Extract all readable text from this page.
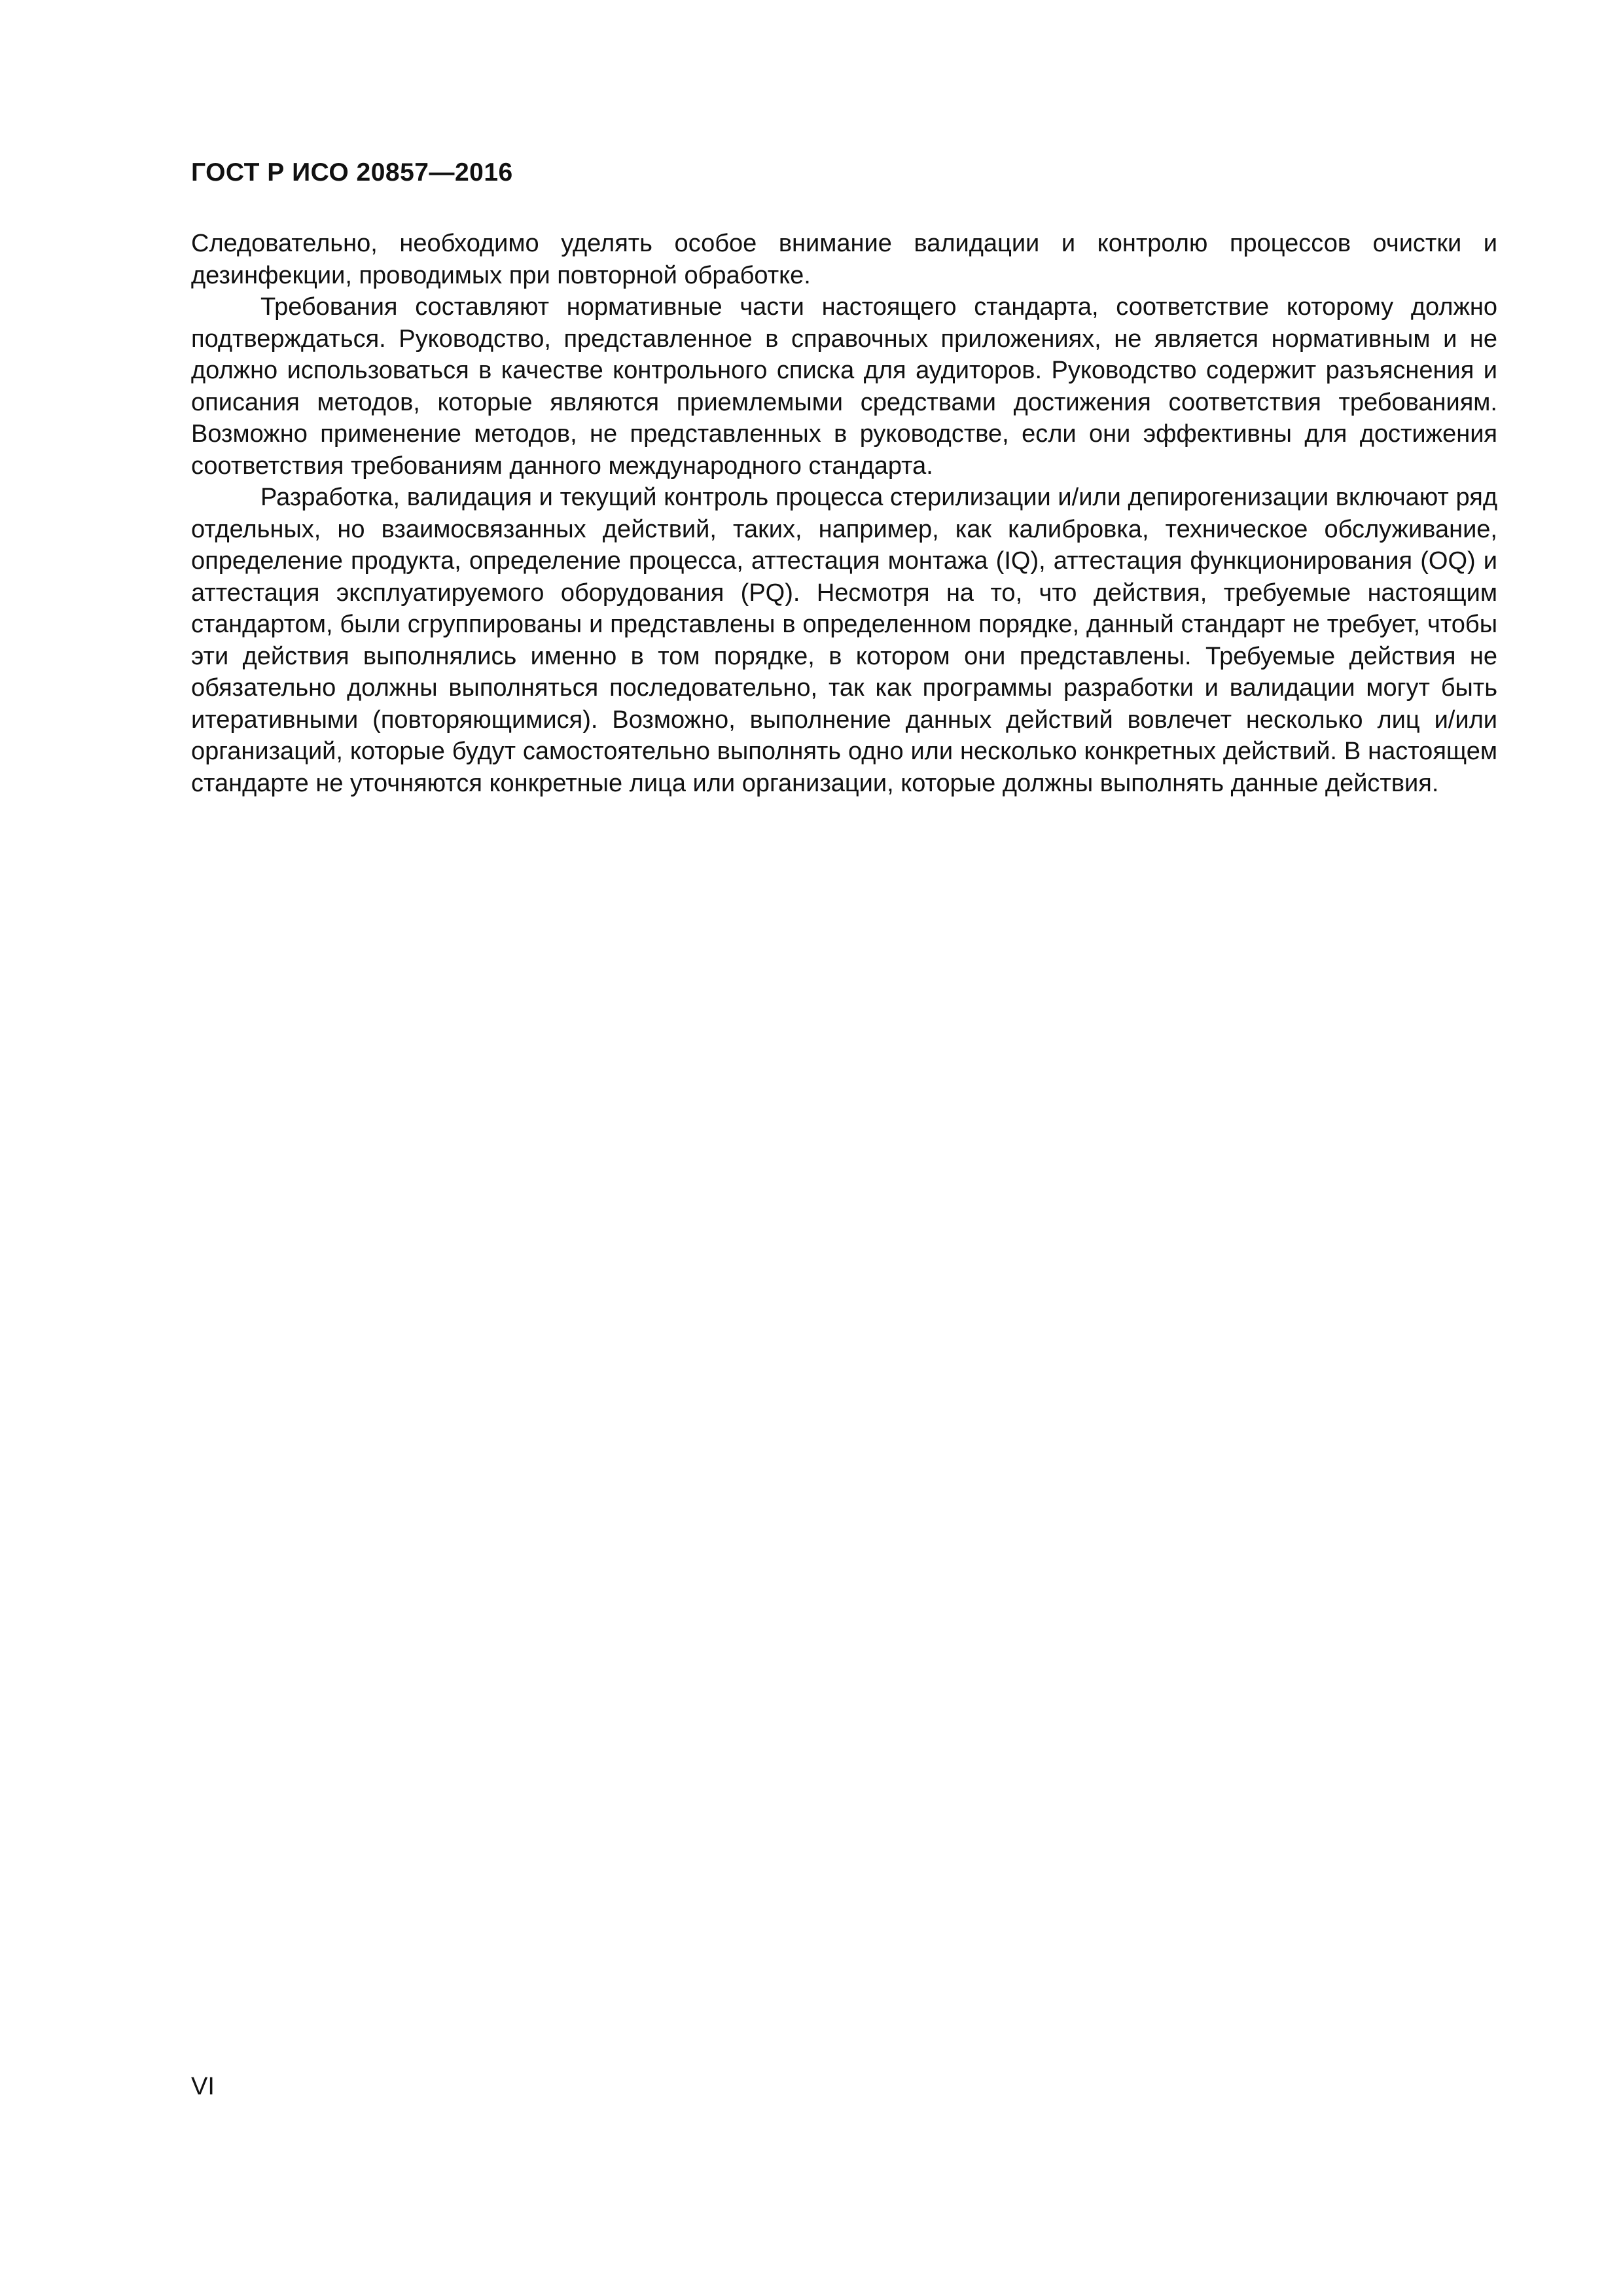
ГОСТ Р ИСО 20857—2016

Следовательно, необходимо уделять особое внимание валидации и контролю процессов очистки и дезинфекции, проводимых при повторной обработке.

Требования составляют нормативные части настоящего стандарта, соответствие которому должно подтверждаться. Руководство, представленное в справочных приложениях, не является нормативным и не должно использоваться в качестве контрольного списка для аудиторов. Руководство содержит разъяснения и описания методов, которые являются приемлемыми средствами достижения соответствия требованиям. Возможно применение методов, не представленных в руководстве, если они эффективны для достижения соответствия требованиям данного международного стандарта.

Разработка, валидация и текущий контроль процесса стерилизации и/или депирогенизации включают ряд отдельных, но взаимосвязанных действий, таких, например, как калибровка, техническое обслуживание, определение продукта, определение процесса, аттестация монтажа (IQ), аттестация функционирования (OQ) и аттестация эксплуатируемого оборудования (PQ). Несмотря на то, что действия, требуемые настоящим стандартом, были сгруппированы и представлены в определенном порядке, данный стандарт не требует, чтобы эти действия выполнялись именно в том порядке, в котором они представлены. Требуемые действия не обязательно должны выполняться последовательно, так как программы разработки и валидации могут быть итеративными (повторяющимися). Возможно, выполнение данных действий вовлечет несколько лиц и/или организаций, которые будут самостоятельно выполнять одно или несколько конкретных действий. В настоящем стандарте не уточняются конкретные лица или организации, которые должны выполнять данные действия.

VI
